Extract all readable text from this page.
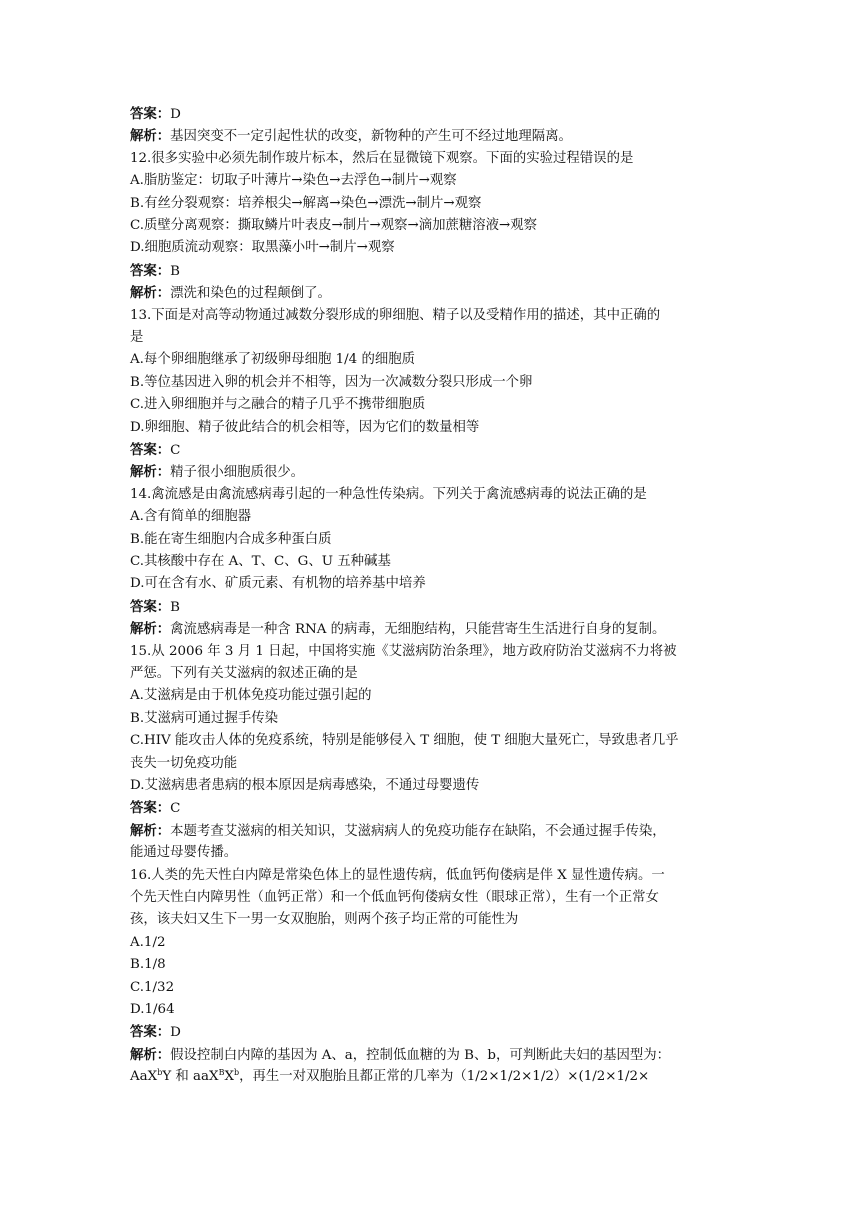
答案：D
解析：基因突变不一定引起性状的改变，新物种的产生可不经过地理隔离。
12.很多实验中必须先制作玻片标本，然后在显微镜下观察。下面的实验过程错误的是
A.脂肪鉴定：切取子叶薄片→染色→去浮色→制片→观察
B.有丝分裂观察：培养根尖→解离→染色→漂洗→制片→观察
C.质壁分离观察：撕取鳞片叶表皮→制片→观察→滴加蔗糖溶液→观察
D.细胞质流动观察：取黑藻小叶→制片→观察
答案：B
解析：漂洗和染色的过程颠倒了。
13.下面是对高等动物通过减数分裂形成的卵细胞、精子以及受精作用的描述，其中正确的
是
A.每个卵细胞继承了初级卵母细胞 1/4 的细胞质
B.等位基因进入卵的机会并不相等，因为一次减数分裂只形成一个卵
C.进入卵细胞并与之融合的精子几乎不携带细胞质
D.卵细胞、精子彼此结合的机会相等，因为它们的数量相等
答案：C
解析：精子很小细胞质很少。
14.禽流感是由禽流感病毒引起的一种急性传染病。下列关于禽流感病毒的说法正确的是
A.含有简单的细胞器
B.能在寄生细胞内合成多种蛋白质
C.其核酸中存在 A、T、C、G、U 五种碱基
D.可在含有水、矿质元素、有机物的培养基中培养
答案：B
解析：禽流感病毒是一种含 RNA 的病毒，无细胞结构，只能营寄生生活进行自身的复制。
15.从 2006 年 3 月 1 日起，中国将实施《艾滋病防治条理》，地方政府防治艾滋病不力将被
严惩。下列有关艾滋病的叙述正确的是
A.艾滋病是由于机体免疫功能过强引起的
B.艾滋病可通过握手传染
C.HIV 能攻击人体的免疫系统，特别是能够侵入 T 细胞，使 T 细胞大量死亡，导致患者几乎
丧失一切免疫功能
D.艾滋病患者患病的根本原因是病毒感染，不通过母婴遗传
答案：C
解析：本题考查艾滋病的相关知识，艾滋病病人的免疫功能存在缺陷，不会通过握手传染，
能通过母婴传播。
16.人类的先天性白内障是常染色体上的显性遗传病，低血钙佝偻病是伴 X 显性遗传病。一
个先天性白内障男性（血钙正常）和一个低血钙佝偻病女性（眼球正常），生有一个正常女
孩，该夫妇又生下一男一女双胞胎，则两个孩子均正常的可能性为
A.1/2
B.1/8
C.1/32
D.1/64
答案：D
解析：假设控制白内障的基因为 A、a，控制低血糖的为 B、b，可判断此夫妇的基因型为：
AaX$^b$Y 和 $aaX^BX^b$，再生一对双胞胎且都正常的几率为（1/2×1/2×1/2）×(1/2×1/2×
